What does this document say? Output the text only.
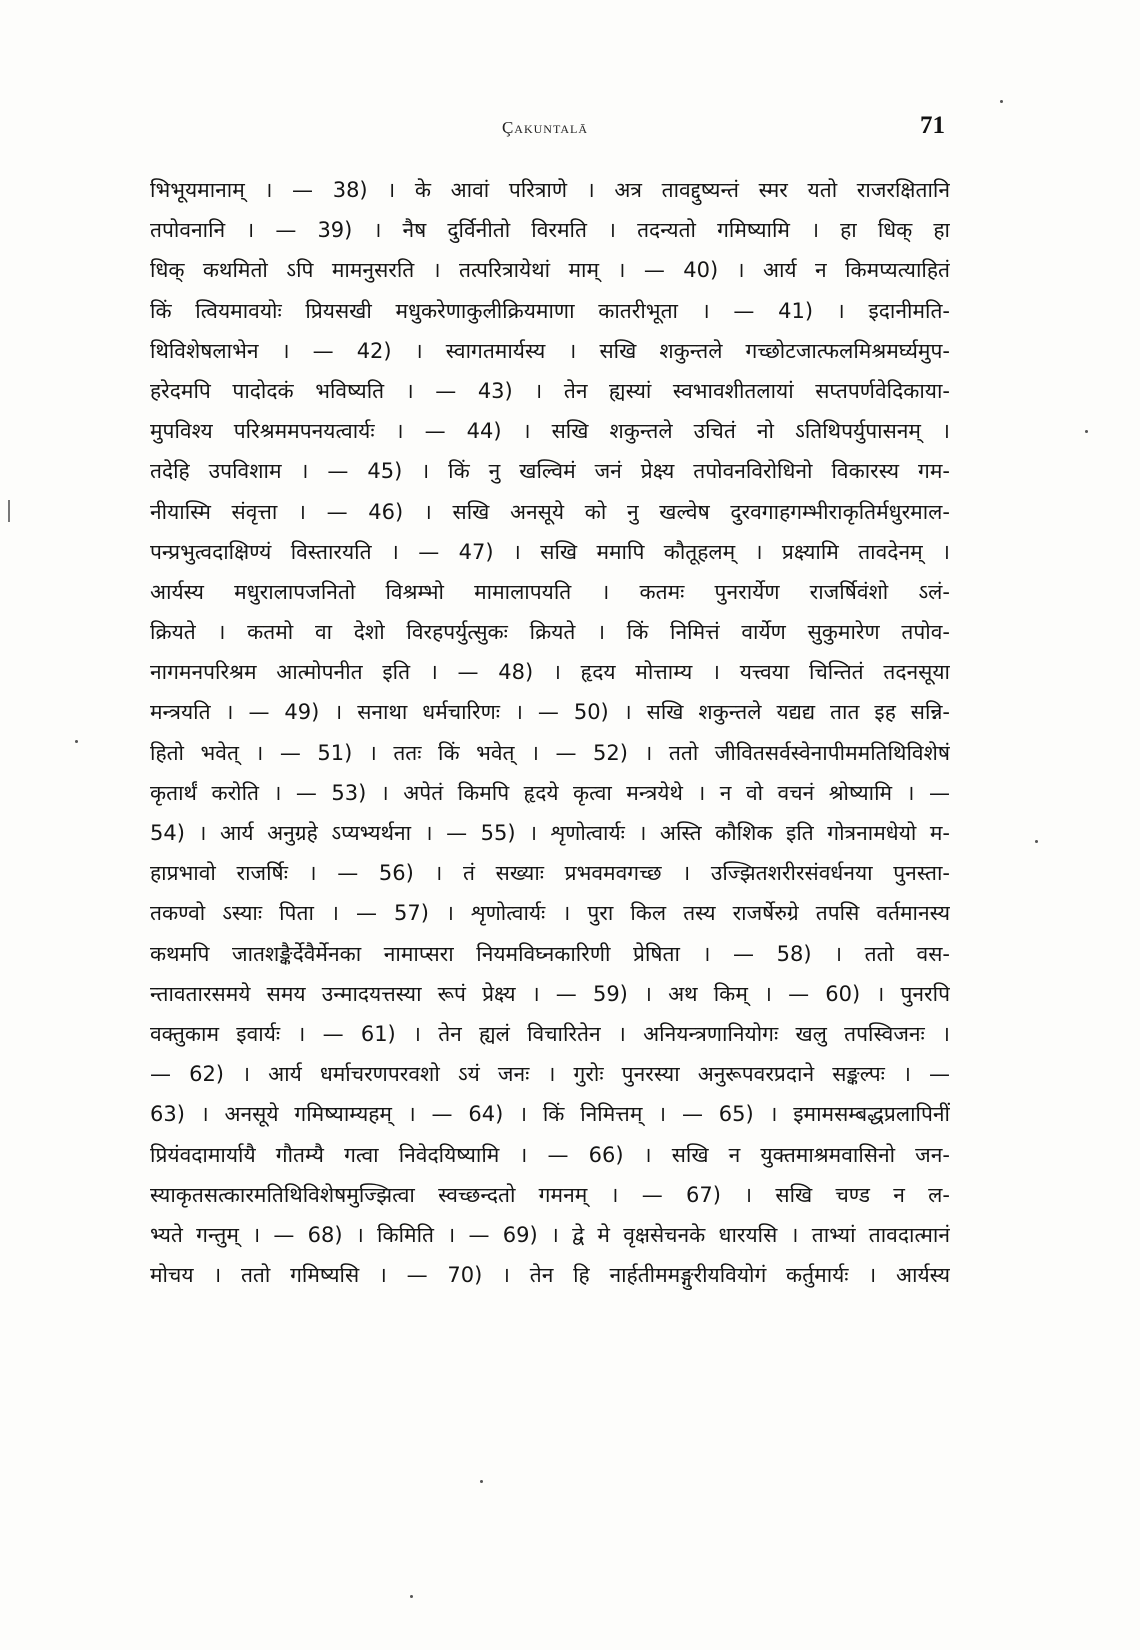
Çakuntalā	71
भिभूयमानाम् । — 38) । के आवां परित्राणे । अत्र तावद्दुष्यन्तं स्मर यतो राजरक्षितानि
तपोवनानि । — 39) । नैष दुर्विनीतो विरमति । तदन्यतो गमिष्यामि । हा धिक् हा
धिक् कथमितो ऽपि मामनुसरति । तत्परित्रायेथां माम् । — 40) । आर्य न किमप्यत्याहितं
किं त्वियमावयोः प्रियसखी मधुकरेणाकुलीक्रियमाणा कातरीभूता । — 41) । इदानीमति-
थिविशेषलाभेन । — 42) । स्वागतमार्यस्य । सखि शकुन्तले गच्छोटजात्फलमिश्रमर्घ्यमुप-
हरेदमपि पादोदकं भविष्यति । — 43) । तेन ह्यस्यां स्वभावशीतलायां सप्तपर्णवेदिकाया-
मुपविश्य परिश्रममपनयत्वार्यः । — 44) । सखि शकुन्तले उचितं नो ऽतिथिपर्युपासनम् ।
तदेहि उपविशाम । — 45) । किं नु खल्विमं जनं प्रेक्ष्य तपोवनविरोधिनो विकारस्य गम-
नीयास्मि संवृत्ता । — 46) । सखि अनसूये को नु खल्वेष दुरवगाहगम्भीराकृतिर्मधुरमाल-
पन्प्रभुत्वदाक्षिण्यं विस्तारयति । — 47) । सखि ममापि कौतूहलम् । प्रक्ष्यामि तावदेनम् ।
आर्यस्य मधुरालापजनितो विश्रम्भो मामालापयति । कतमः पुनरार्येण राजर्षिवंशो ऽलं-
क्रियते । कतमो वा देशो विरहपर्युत्सुकः क्रियते । किं निमित्तं वार्येण सुकुमारेण तपोव-
नागमनपरिश्रम आत्मोपनीत इति । — 48) । हृदय मोत्ताम्य । यत्त्वया चिन्तितं तदनसूया
मन्त्रयति । — 49) । सनाथा धर्मचारिणः । — 50) । सखि शकुन्तले यद्यद्य तात इह सन्नि-
हितो भवेत् । — 51) । ततः किं भवेत् । — 52) । ततो जीवितसर्वस्वेनापीममतिथिविशेषं
कृतार्थं करोति । — 53) । अपेतं किमपि हृदये कृत्वा मन्त्रयेथे । न वो वचनं श्रोष्यामि । —
54) । आर्य अनुग्रहे ऽप्यभ्यर्थना । — 55) । शृणोत्वार्यः । अस्ति कौशिक इति गोत्रनामधेयो म-
हाप्रभावो राजर्षिः । — 56) । तं सख्याः प्रभवमवगच्छ । उज्झितशरीरसंवर्धनया पुनस्ता-
तकण्वो ऽस्याः पिता । — 57) । शृणोत्वार्यः । पुरा किल तस्य राजर्षेरुग्रे तपसि वर्तमानस्य
कथमपि जातशङ्कैर्देवैर्मेनका नामाप्सरा नियमविघ्नकारिणी प्रेषिता । — 58) । ततो वस-
न्तावतारसमये समय उन्मादयत्तस्या रूपं प्रेक्ष्य । — 59) । अथ किम् । — 60) । पुनरपि
वक्तुकाम इवार्यः । — 61) । तेन ह्यलं विचारितेन । अनियन्त्रणानियोगः खलु तपस्विजनः ।
— 62) । आर्य धर्माचरणपरवशो ऽयं जनः । गुरोः पुनरस्या अनुरूपवरप्रदाने सङ्कल्पः । —
63) । अनसूये गमिष्याम्यहम् । — 64) । किं निमित्तम् । — 65) । इमामसम्बद्धप्रलापिनीं
प्रियंवदामार्यायै गौतम्यै गत्वा निवेदयिष्यामि । — 66) । सखि न युक्तमाश्रमवासिनो जन-
स्याकृतसत्कारमतिथिविशेषमुज्झित्वा स्वच्छन्दतो गमनम् । — 67) । सखि चण्ड न ल-
भ्यते गन्तुम् । — 68) । किमिति । — 69) । द्वे मे वृक्षसेचनके धारयसि । ताभ्यां तावदात्मानं
मोचय । ततो गमिष्यसि । — 70) । तेन हि नार्हतीममङ्गुरीयवियोगं कर्तुमार्यः । आर्यस्य
